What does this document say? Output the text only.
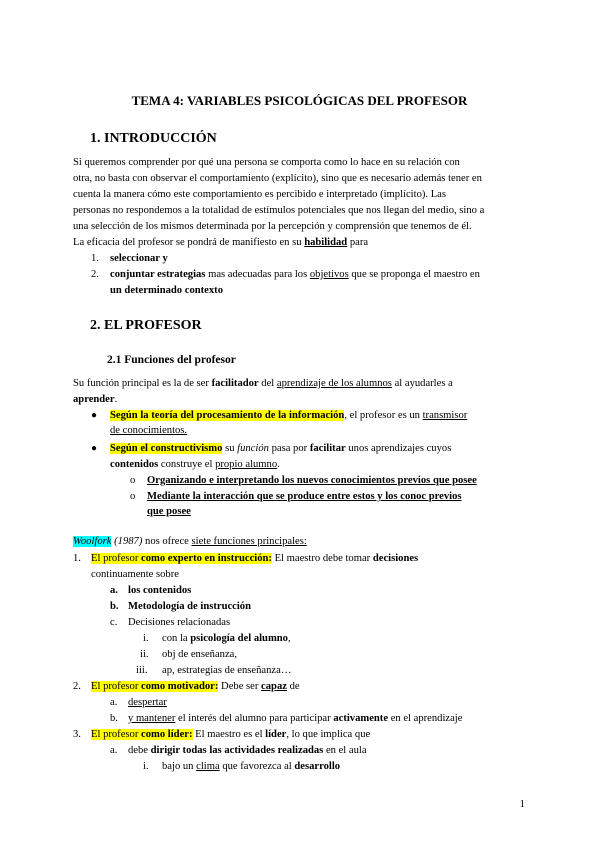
TEMA 4: VARIABLES PSICOLÓGICAS DEL PROFESOR
1. INTRODUCCIÓN
Si queremos comprender por qué una persona se comporta como lo hace en su relación con
otra, no basta con observar el comportamiento (explícito), sino que es necesario además tener en
cuenta la manera cómo este comportamiento es percibido e interpretado (implícito). Las
personas no respondemos a la totalidad de estímulos potenciales que nos llegan del medio, sino a
una selección de los mismos determinada por la percepción y comprensión que tenemos de él.
La eficacia del profesor se pondrá de manifiesto en su habilidad para
1. seleccionar y
2. conjuntar estrategias mas adecuadas para los objetivos que se proponga el maestro en
un determinado contexto
2. EL PROFESOR
2.1 Funciones del profesor
Su función principal es la de ser facilitador del aprendizaje de los alumnos al ayudarles a
aprender.
● Según la teoría del procesamiento de la información, el profesor es un transmisor
de conocimientos.
● Según el constructivismo su función pasa por facilitar unos aprendizajes cuyos
contenidos construye el propio alumno.
o Organizando e interpretando los nuevos conocimientos previos que posee
o Mediante la interacción que se produce entre estos y los conoc previos
que posee
Woolfork (1987) nos ofrece siete funciones principales:
1. El profesor como experto en instrucción: El maestro debe tomar decisiones
continuamente sobre
a. los contenidos
b. Metodología de instrucción
c. Decisiones relacionadas
i. con la psicología del alumno,
ii. obj de enseñanza,
iii. ap, estrategias de enseñanza…
2. El profesor como motivador: Debe ser capaz de
a. despertar
b. y mantener el interés del alumno para participar activamente en el aprendizaje
3. El profesor como líder: El maestro es el líder, lo que implica que
a. debe dirigir todas las actividades realizadas en el aula
i. bajo un clima que favorezca al desarrollo
1
